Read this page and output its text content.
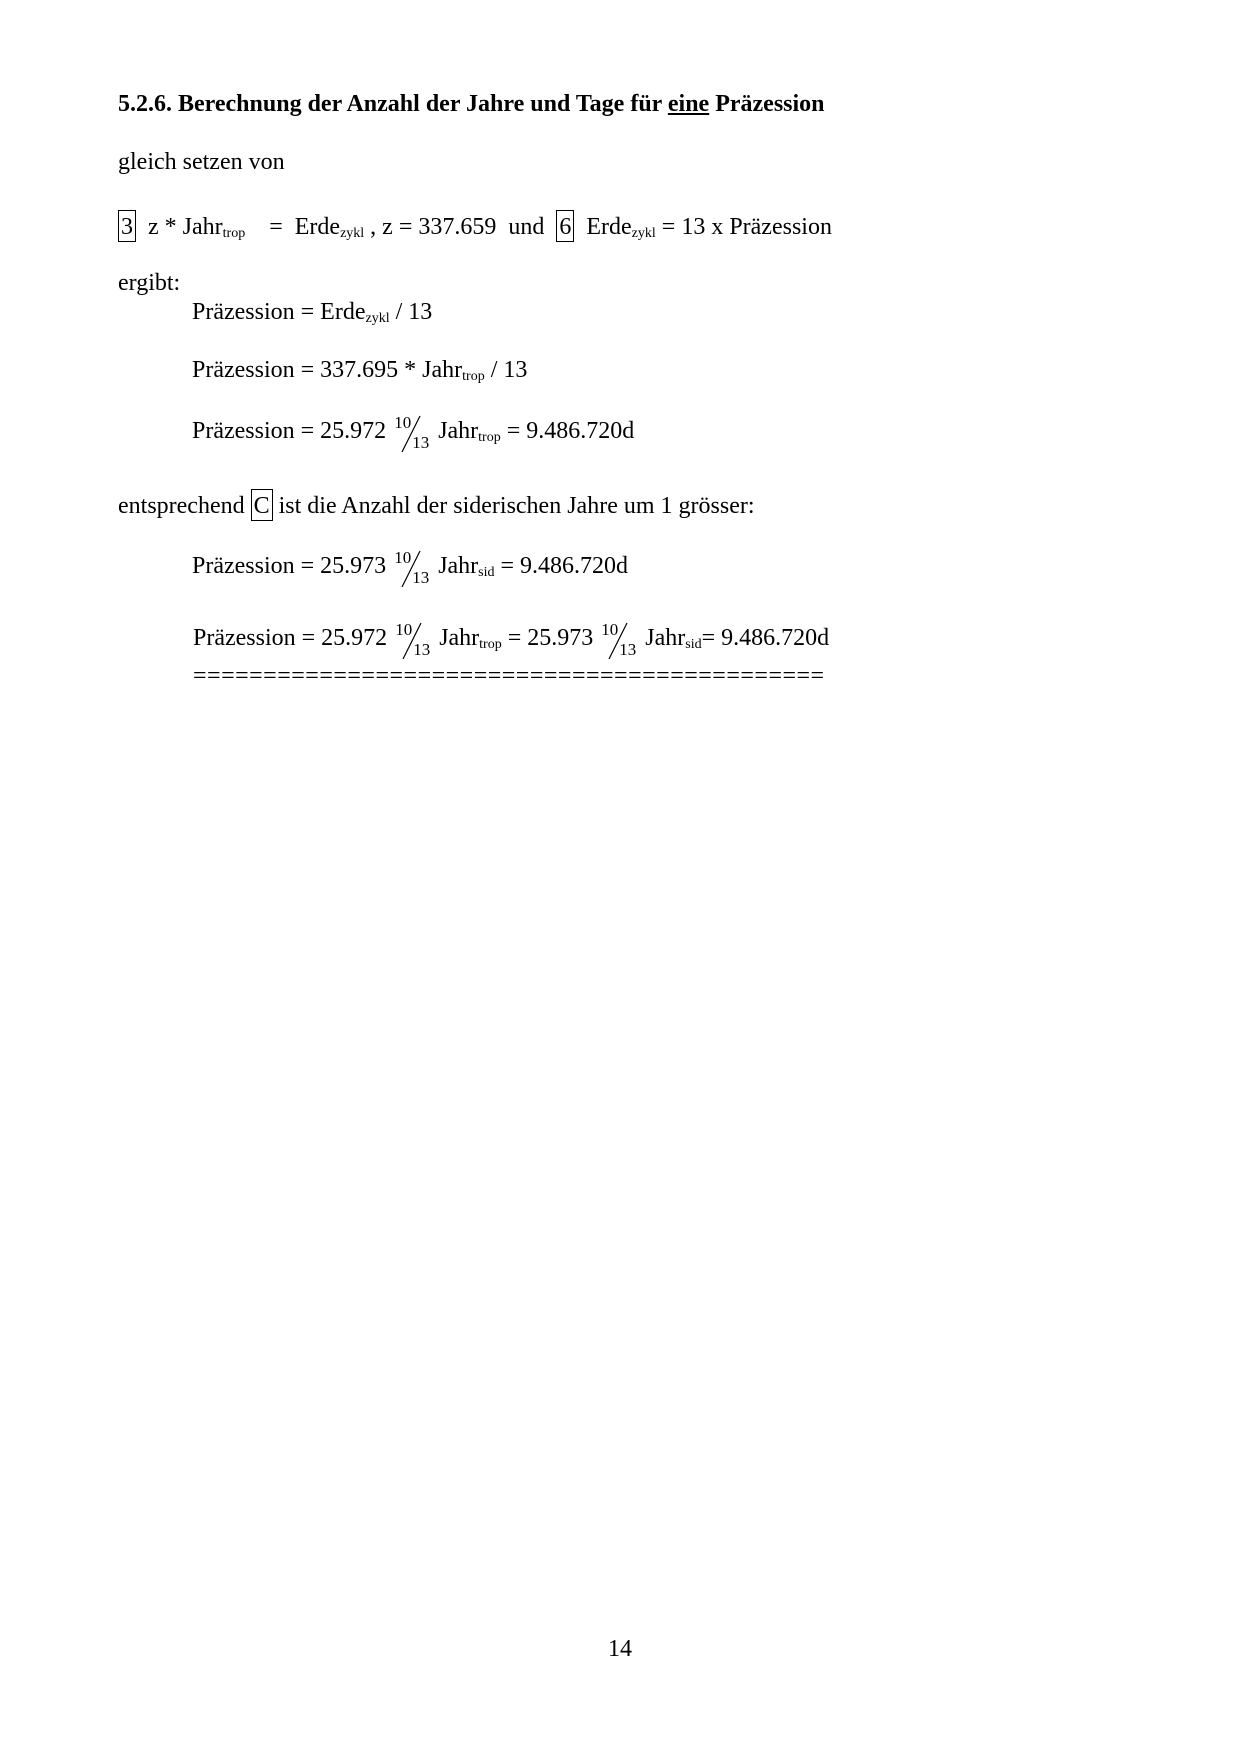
5.2.6. Berechnung der Anzahl der Jahre und Tage für eine Präzession
gleich setzen von
3 z * Jahr$_{trop}$ = Erde$_{zykl}$ , z = 337.659 und 6 Erde$_{zykl}$ = 13 x Präzession
ergibt:
Präzession = Erde$_{zykl}$ / 13
Präzession = 337.695 * Jahr$_{trop}$ / 13
Präzession = 25.972 10
13 Jahr$_{trop}$ = 9.486.720d
entsprechend C ist die Anzahl der siderischen Jahre um 1 grösser:
Präzession = 25.973 10
13 Jahr$_{sid}$ = 9.486.720d
Präzession = 25.972 10
13 Jahr$_{trop}$ = 25.973 10
13 Jahr$_{sid}$= 9.486.720d
=============================================
14
